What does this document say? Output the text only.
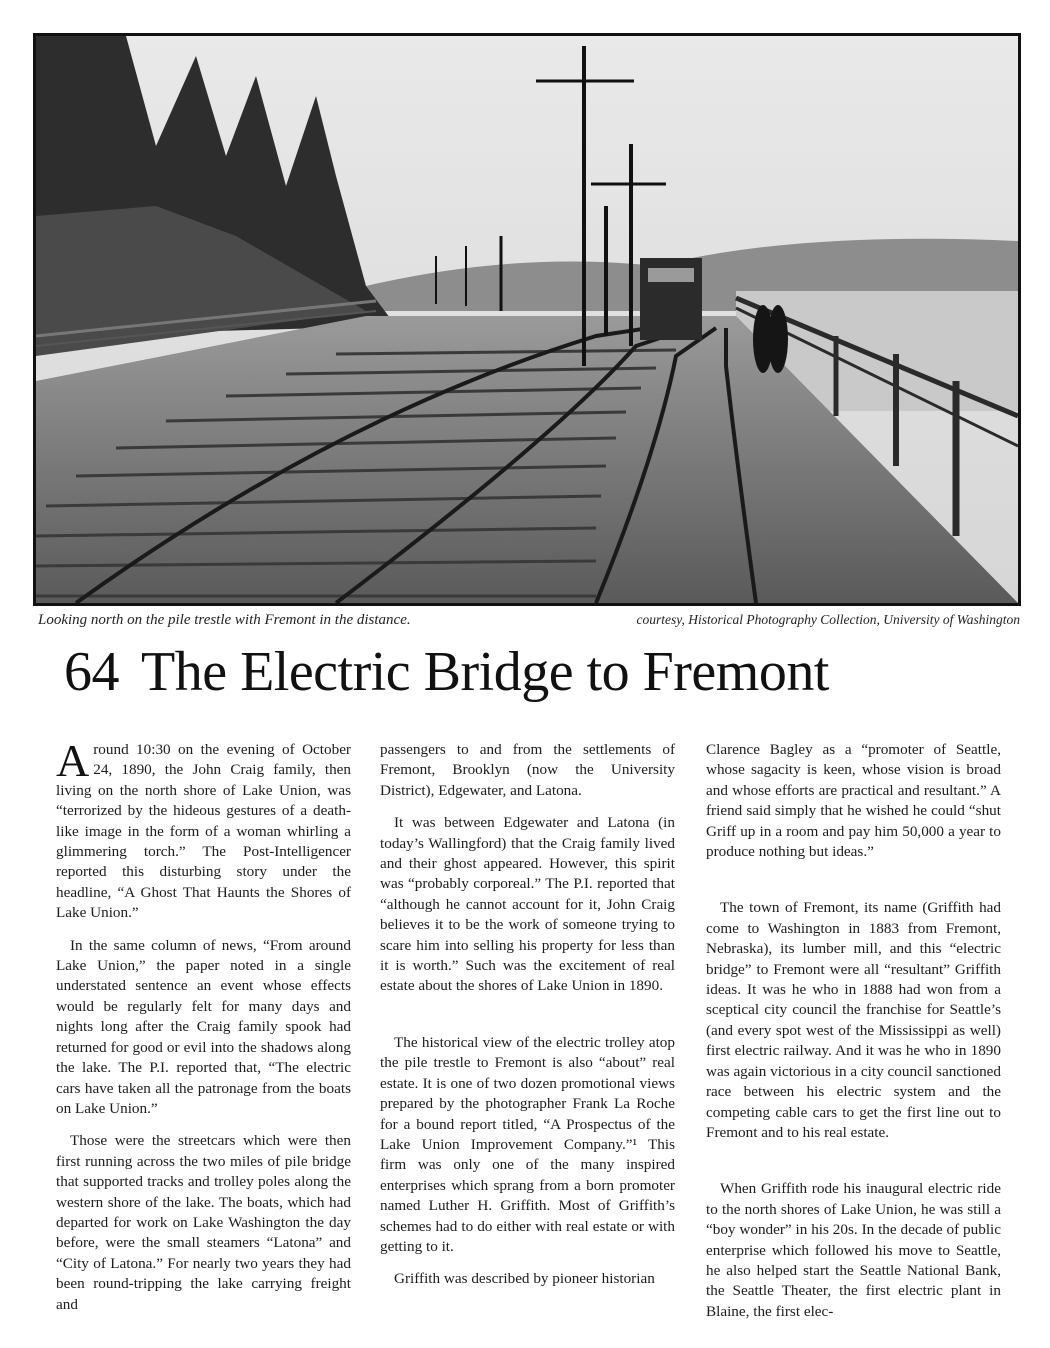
Looking north on the pile trestle with Fremont in the distance.	courtesy, Historical Photography Collection, University of Washington
64 The Electric Bridge to Fremont

Around 10:30 on the evening of October 24, 1890, the John Craig family, then living on the north shore of Lake Union, was “terrorized by the hideous gestures of a death-like image in the form of a woman whirling a glimmering torch.” The Post-Intelligencer reported this disturbing story under the headline, “A Ghost That Haunts the Shores of Lake Union.”

In the same column of news, “From around Lake Union,” the paper noted in a single understated sentence an event whose effects would be regularly felt for many days and nights long after the Craig family spook had returned for good or evil into the shadows along the lake. The P.I. reported that, “The electric cars have taken all the patronage from the boats on Lake Union.”

Those were the streetcars which were then first running across the two miles of pile bridge that supported tracks and trolley poles along the western shore of the lake. The boats, which had departed for work on Lake Washington the day before, were the small steamers “Latona” and “City of Latona.” For nearly two years they had been round-tripping the lake carrying freight and

passengers to and from the settlements of Fremont, Brooklyn (now the University District), Edgewater, and Latona.

It was between Edgewater and Latona (in today’s Wallingford) that the Craig family lived and their ghost appeared. However, this spirit was “probably corporeal.” The P.I. reported that “although he cannot account for it, John Craig believes it to be the work of someone trying to scare him into selling his property for less than it is worth.” Such was the excitement of real estate about the shores of Lake Union in 1890.

The historical view of the electric trolley atop the pile trestle to Fremont is also “about” real estate. It is one of two dozen promotional views prepared by the photographer Frank La Roche for a bound report titled, “A Prospectus of the Lake Union Improvement Company.”¹ This firm was only one of the many inspired enterprises which sprang from a born promoter named Luther H. Griffith. Most of Griffith’s schemes had to do either with real estate or with getting to it.

Griffith was described by pioneer historian

Clarence Bagley as a “promoter of Seattle, whose sagacity is keen, whose vision is broad and whose efforts are practical and resultant.” A friend said simply that he wished he could “shut Griff up in a room and pay him 50,000 a year to produce nothing but ideas.”

The town of Fremont, its name (Griffith had come to Washington in 1883 from Fremont, Nebraska), its lumber mill, and this “electric bridge” to Fremont were all “resultant” Griffith ideas. It was he who in 1888 had won from a sceptical city council the franchise for Seattle’s (and every spot west of the Mississippi as well) first electric railway. And it was he who in 1890 was again victorious in a city council sanctioned race between his electric system and the competing cable cars to get the first line out to Fremont and to his real estate.

When Griffith rode his inaugural electric ride to the north shores of Lake Union, he was still a “boy wonder” in his 20s. In the decade of public enterprise which followed his move to Seattle, he also helped start the Seattle National Bank, the Seattle Theater, the first electric plant in Blaine, the first elec-
